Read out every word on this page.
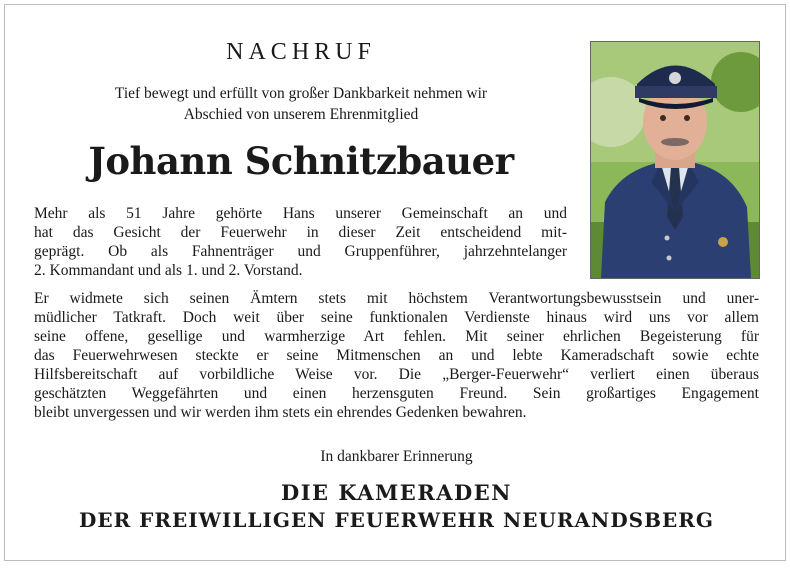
NACHRUF
Tief bewegt und erfüllt von großer Dankbarkeit nehmen wir
Abschied von unserem Ehrenmitglied
Johann Schnitzbauer
Mehr als 51 Jahre gehörte Hans unserer Gemeinschaft an und
hat das Gesicht der Feuerwehr in dieser Zeit entscheidend mit-
geprägt. Ob als Fahnenträger und Gruppenführer, jahrzehntelanger
2. Kommandant und als 1. und 2. Vorstand.
Er widmete sich seinen Ämtern stets mit höchstem Verantwortungsbewusstsein und uner-
müdlicher Tatkraft. Doch weit über seine funktionalen Verdienste hinaus wird uns vor allem
seine offene, gesellige und warmherzige Art fehlen. Mit seiner ehrlichen Begeisterung für
das Feuerwehrwesen steckte er seine Mitmenschen an und lebte Kameradschaft sowie echte
Hilfsbereitschaft auf vorbildliche Weise vor. Die „Berger-Feuerwehr“ verliert einen überaus
geschätzten Weggefährten und einen herzensguten Freund. Sein großartiges Engagement
bleibt unvergessen und wir werden ihm stets ein ehrendes Gedenken bewahren.
In dankbarer Erinnerung
DIE KAMERADEN
DER FREIWILLIGEN FEUERWEHR NEURANDSBERG
